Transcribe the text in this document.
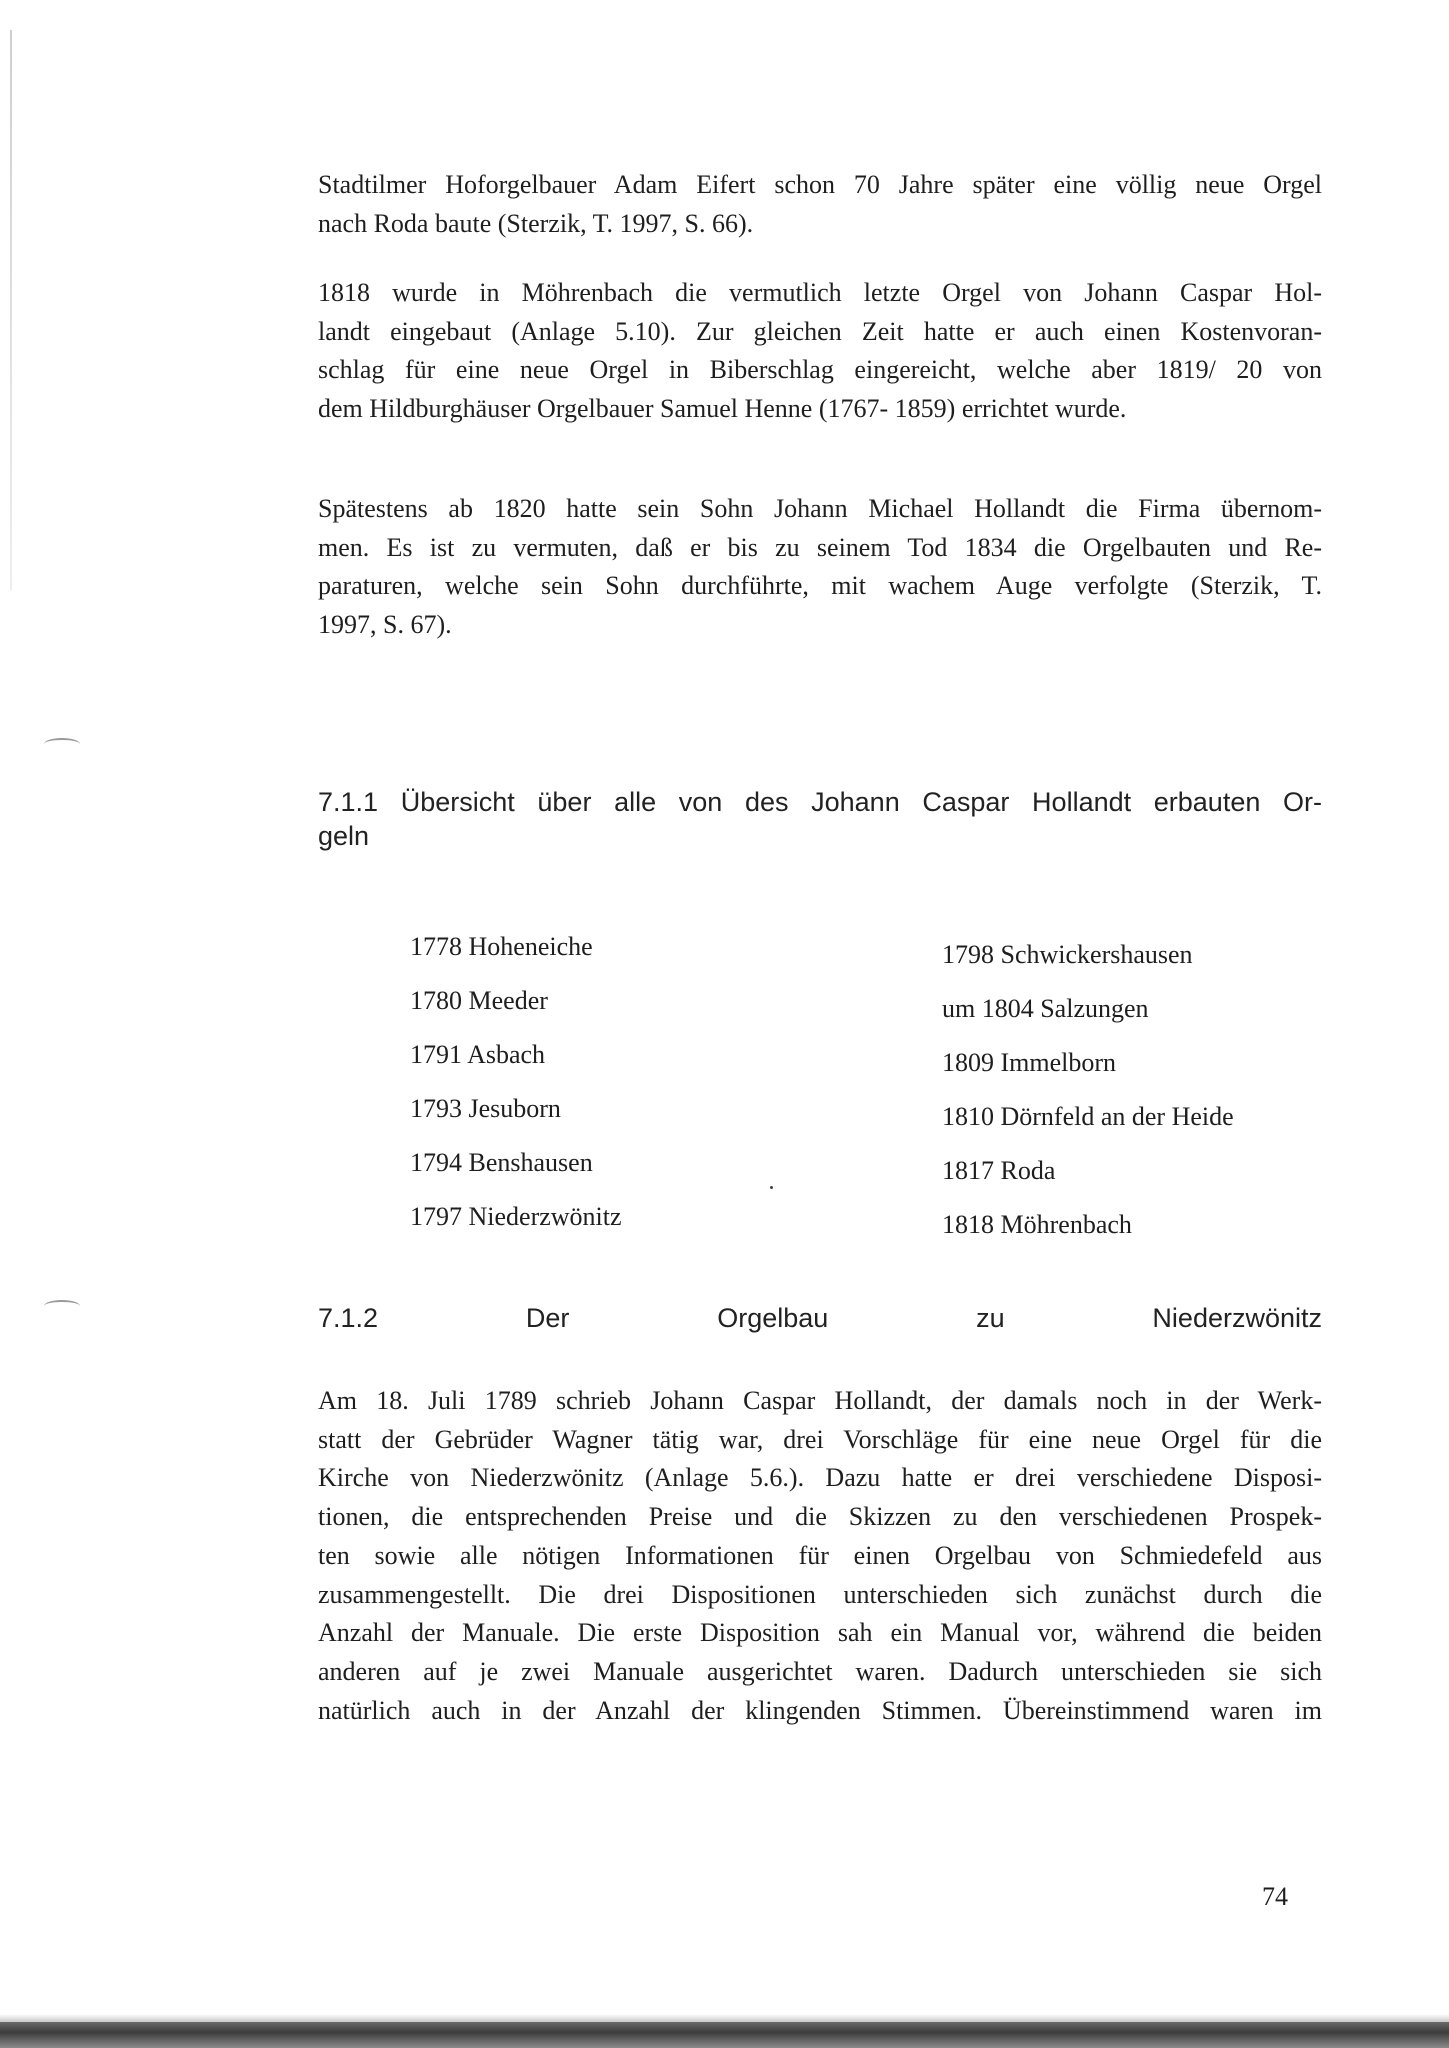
Stadtilmer Hoforgelbauer Adam Eifert schon 70 Jahre später eine völlig neue Orgel
nach Roda baute (Sterzik, T. 1997, S. 66).

1818 wurde in Möhrenbach die vermutlich letzte Orgel von Johann Caspar Hol-
landt eingebaut (Anlage 5.10). Zur gleichen Zeit hatte er auch einen Kostenvoran-
schlag für eine neue Orgel in Biberschlag eingereicht, welche aber 1819/ 20 von
dem Hildburghäuser Orgelbauer Samuel Henne (1767- 1859) errichtet wurde.

Spätestens ab 1820 hatte sein Sohn Johann Michael Hollandt die Firma übernom-
men. Es ist zu vermuten, daß er bis zu seinem Tod 1834 die Orgelbauten und Re-
paraturen, welche sein Sohn durchführte, mit wachem Auge verfolgte (Sterzik, T.
1997, S. 67).

7.1.1 Übersicht über alle von des Johann Caspar Hollandt erbauten Or-
geln
1778 Hoheneiche
1780 Meeder
1791 Asbach
1793 Jesuborn
1794 Benshausen
1797 Niederzwönitz
1798 Schwickershausen
um 1804 Salzungen
1809 Immelborn
1810 Dörnfeld an der Heide
1817 Roda
1818 Möhrenbach
7.1.2 Der Orgelbau zu Niederzwönitz

Am 18. Juli 1789 schrieb Johann Caspar Hollandt, der damals noch in der Werk-
statt der Gebrüder Wagner tätig war, drei Vorschläge für eine neue Orgel für die
Kirche von Niederzwönitz (Anlage 5.6.). Dazu hatte er drei verschiedene Disposi-
tionen, die entsprechenden Preise und die Skizzen zu den verschiedenen Prospek-
ten sowie alle nötigen Informationen für einen Orgelbau von Schmiedefeld aus
zusammengestellt. Die drei Dispositionen unterschieden sich zunächst durch die
Anzahl der Manuale. Die erste Disposition sah ein Manual vor, während die beiden
anderen auf je zwei Manuale ausgerichtet waren. Dadurch unterschieden sie sich
natürlich auch in der Anzahl der klingenden Stimmen. Übereinstimmend waren im

74
